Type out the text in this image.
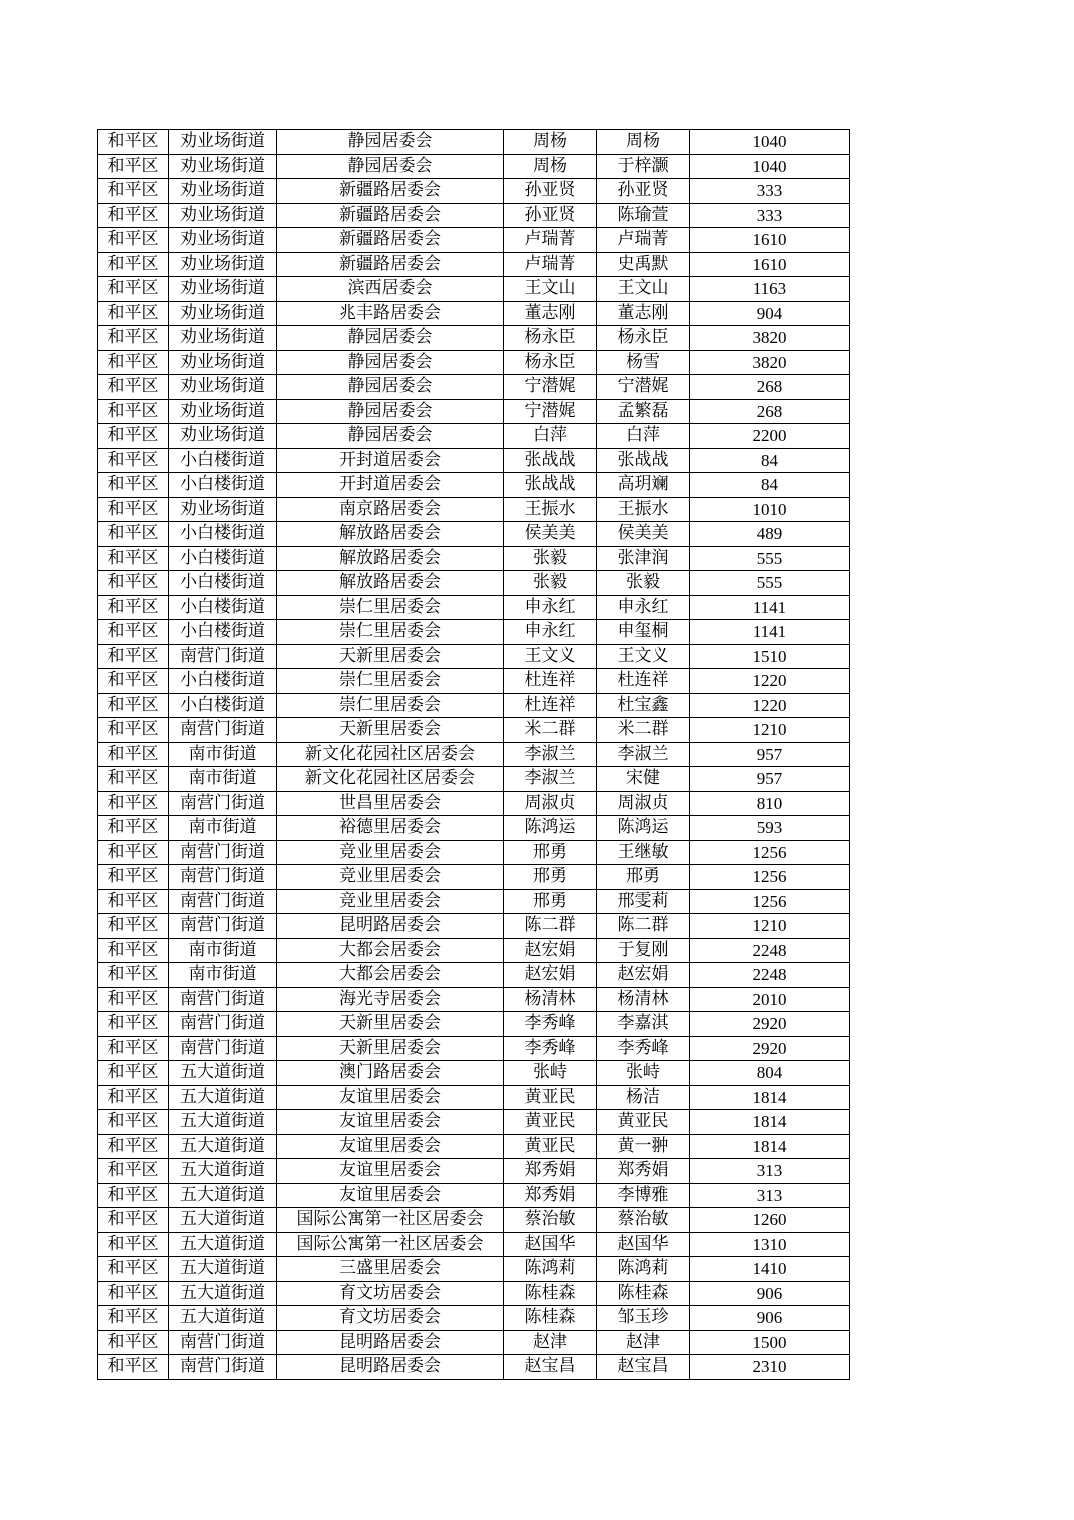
和平区	劝业场街道	静园居委会	周杨	周杨	1040
和平区	劝业场街道	静园居委会	周杨	于梓灏	1040
和平区	劝业场街道	新疆路居委会	孙亚贤	孙亚贤	333
和平区	劝业场街道	新疆路居委会	孙亚贤	陈瑜萱	333
和平区	劝业场街道	新疆路居委会	卢瑞菁	卢瑞菁	1610
和平区	劝业场街道	新疆路居委会	卢瑞菁	史禹默	1610
和平区	劝业场街道	滨西居委会	王文山	王文山	1163
和平区	劝业场街道	兆丰路居委会	董志刚	董志刚	904
和平区	劝业场街道	静园居委会	杨永臣	杨永臣	3820
和平区	劝业场街道	静园居委会	杨永臣	杨雪	3820
和平区	劝业场街道	静园居委会	宁潜娓	宁潜娓	268
和平区	劝业场街道	静园居委会	宁潜娓	孟繁磊	268
和平区	劝业场街道	静园居委会	白萍	白萍	2200
和平区	小白楼街道	开封道居委会	张战战	张战战	84
和平区	小白楼街道	开封道居委会	张战战	高玥斓	84
和平区	劝业场街道	南京路居委会	王振水	王振水	1010
和平区	小白楼街道	解放路居委会	侯美美	侯美美	489
和平区	小白楼街道	解放路居委会	张毅	张津润	555
和平区	小白楼街道	解放路居委会	张毅	张毅	555
和平区	小白楼街道	崇仁里居委会	申永红	申永红	1141
和平区	小白楼街道	崇仁里居委会	申永红	申玺桐	1141
和平区	南营门街道	天新里居委会	王文义	王文义	1510
和平区	小白楼街道	崇仁里居委会	杜连祥	杜连祥	1220
和平区	小白楼街道	崇仁里居委会	杜连祥	杜宝鑫	1220
和平区	南营门街道	天新里居委会	米二群	米二群	1210
和平区	南市街道	新文化花园社区居委会	李淑兰	李淑兰	957
和平区	南市街道	新文化花园社区居委会	李淑兰	宋健	957
和平区	南营门街道	世昌里居委会	周淑贞	周淑贞	810
和平区	南市街道	裕德里居委会	陈鸿运	陈鸿运	593
和平区	南营门街道	竞业里居委会	邢勇	王继敏	1256
和平区	南营门街道	竞业里居委会	邢勇	邢勇	1256
和平区	南营门街道	竞业里居委会	邢勇	邢雯莉	1256
和平区	南营门街道	昆明路居委会	陈二群	陈二群	1210
和平区	南市街道	大都会居委会	赵宏娟	于复刚	2248
和平区	南市街道	大都会居委会	赵宏娟	赵宏娟	2248
和平区	南营门街道	海光寺居委会	杨清林	杨清林	2010
和平区	南营门街道	天新里居委会	李秀峰	李嘉淇	2920
和平区	南营门街道	天新里居委会	李秀峰	李秀峰	2920
和平区	五大道街道	澳门路居委会	张峙	张峙	804
和平区	五大道街道	友谊里居委会	黄亚民	杨洁	1814
和平区	五大道街道	友谊里居委会	黄亚民	黄亚民	1814
和平区	五大道街道	友谊里居委会	黄亚民	黄一翀	1814
和平区	五大道街道	友谊里居委会	郑秀娟	郑秀娟	313
和平区	五大道街道	友谊里居委会	郑秀娟	李博雅	313
和平区	五大道街道	国际公寓第一社区居委会	蔡治敏	蔡治敏	1260
和平区	五大道街道	国际公寓第一社区居委会	赵国华	赵国华	1310
和平区	五大道街道	三盛里居委会	陈鸿莉	陈鸿莉	1410
和平区	五大道街道	育文坊居委会	陈桂森	陈桂森	906
和平区	五大道街道	育文坊居委会	陈桂森	邹玉珍	906
和平区	南营门街道	昆明路居委会	赵津	赵津	1500
和平区	南营门街道	昆明路居委会	赵宝昌	赵宝昌	2310
